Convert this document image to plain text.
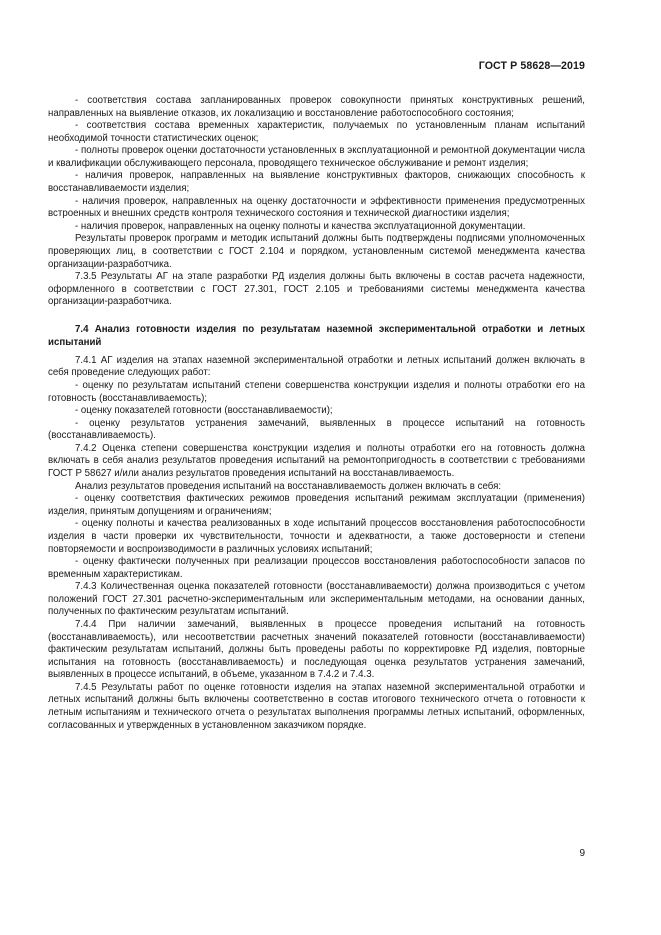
ГОСТ Р 58628—2019

- соответствия состава запланированных проверок совокупности принятых конструктивных решений, направленных на выявление отказов, их локализацию и восстановление работоспособного состояния;

- соответствия состава временных характеристик, получаемых по установленным планам испытаний необходимой точности статистических оценок;

- полноты проверок оценки достаточности установленных в эксплуатационной и ремонтной документации числа и квалификации обслуживающего персонала, проводящего техническое обслуживание и ремонт изделия;

- наличия проверок, направленных на выявление конструктивных факторов, снижающих способность к восстанавливаемости изделия;

- наличия проверок, направленных на оценку достаточности и эффективности применения предусмотренных встроенных и внешних средств контроля технического состояния и технической диагностики изделия;

- наличия проверок, направленных на оценку полноты и качества эксплуатационной документации.

Результаты проверок программ и методик испытаний должны быть подтверждены подписями уполномоченных проверяющих лиц, в соответствии с ГОСТ 2.104 и порядком, установленным системой менеджмента качества организации-разработчика.

7.3.5 Результаты АГ на этапе разработки РД изделия должны быть включены в состав расчета надежности, оформленного в соответствии с ГОСТ 27.301, ГОСТ 2.105 и требованиями системы менеджмента качества организации-разработчика.

7.4 Анализ готовности изделия по результатам наземной экспериментальной отработки и летных испытаний

7.4.1 АГ изделия на этапах наземной экспериментальной отработки и летных испытаний должен включать в себя проведение следующих работ:

- оценку по результатам испытаний степени совершенства конструкции изделия и полноты отработки его на готовность (восстанавливаемость);

- оценку показателей готовности (восстанавливаемости);

- оценку результатов устранения замечаний, выявленных в процессе испытаний на готовность (восстанавливаемость).

7.4.2 Оценка степени совершенства конструкции изделия и полноты отработки его на готовность должна включать в себя анализ результатов проведения испытаний на ремонтопригодность в соответствии с требованиями ГОСТ Р 58627 и/или анализ результатов проведения испытаний на восстанавливаемость.

Анализ результатов проведения испытаний на восстанавливаемость должен включать в себя:

- оценку соответствия фактических режимов проведения испытаний режимам эксплуатации (применения) изделия, принятым допущениям и ограничениям;

- оценку полноты и качества реализованных в ходе испытаний процессов восстановления работоспособности изделия в части проверки их чувствительности, точности и адекватности, а также достоверности и степени повторяемости и воспроизводимости в различных условиях испытаний;

- оценку фактически полученных при реализации процессов восстановления работоспособности запасов по временным характеристикам.

7.4.3 Количественная оценка показателей готовности (восстанавливаемости) должна производиться с учетом положений ГОСТ 27.301 расчетно-экспериментальным или экспериментальным методами, на основании данных, полученных по фактическим результатам испытаний.

7.4.4 При наличии замечаний, выявленных в процессе проведения испытаний на готовность (восстанавливаемость), или несоответствии расчетных значений показателей готовности (восстанавливаемости) фактическим результатам испытаний, должны быть проведены работы по корректировке РД изделия, повторные испытания на готовность (восстанавливаемость) и последующая оценка результатов устранения замечаний, выявленных в процессе испытаний, в объеме, указанном в 7.4.2 и 7.4.3.

7.4.5 Результаты работ по оценке готовности изделия на этапах наземной экспериментальной отработки и летных испытаний должны быть включены соответственно в состав итогового технического отчета о готовности к летным испытаниям и технического отчета о результатах выполнения программы летных испытаний, оформленных, согласованных и утвержденных в установленном заказчиком порядке.

9
